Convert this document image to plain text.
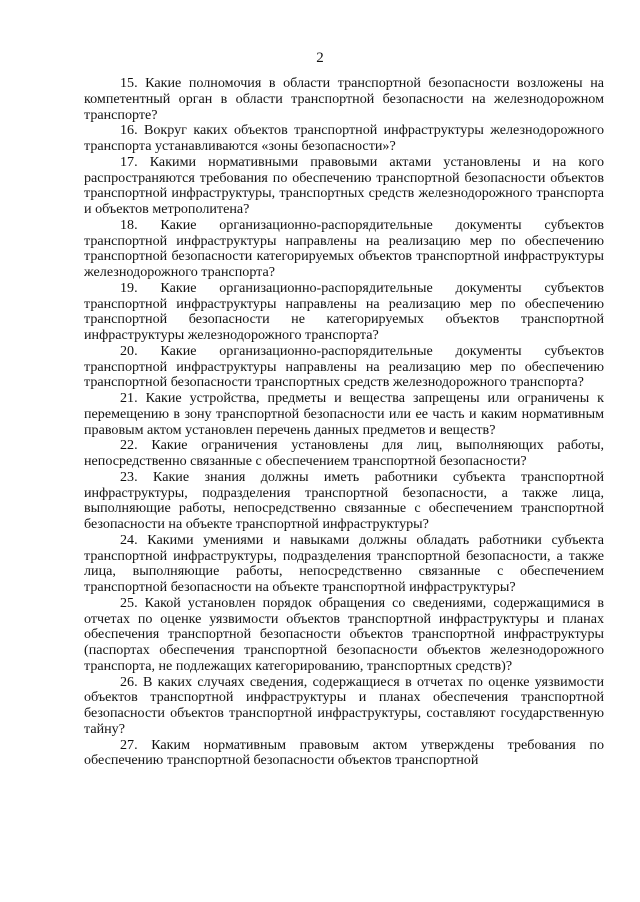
2

15. Какие полномочия в области транспортной безопасности возложены на компетентный орган в области транспортной безопасности на железнодорожном транспорте?

16. Вокруг каких объектов транспортной инфраструктуры железнодорожного транспорта устанавливаются «зоны безопасности»?

17. Какими нормативными правовыми актами установлены и на кого распространяются требования по обеспечению транспортной безопасности объектов транспортной инфраструктуры, транспортных средств железнодорожного транспорта и объектов метрополитена?

18. Какие организационно-распорядительные документы субъектов транспортной инфраструктуры направлены на реализацию мер по обеспечению транспортной безопасности категорируемых объектов транспортной инфраструктуры железнодорожного транспорта?

19. Какие организационно-распорядительные документы субъектов транспортной инфраструктуры направлены на реализацию мер по обеспечению транспортной безопасности не категорируемых объектов транспортной инфраструктуры железнодорожного транспорта?

20. Какие организационно-распорядительные документы субъектов транспортной инфраструктуры направлены на реализацию мер по обеспечению транспортной безопасности транспортных средств железнодорожного транспорта?

21. Какие устройства, предметы и вещества запрещены или ограничены к перемещению в зону транспортной безопасности или ее часть и каким нормативным правовым актом установлен перечень данных предметов и веществ?

22. Какие ограничения установлены для лиц, выполняющих работы, непосредственно связанные с обеспечением транспортной безопасности?

23. Какие знания должны иметь работники субъекта транспортной инфраструктуры, подразделения транспортной безопасности, а также лица, выполняющие работы, непосредственно связанные с обеспечением транспортной безопасности на объекте транспортной инфраструктуры?

24. Какими умениями и навыками должны обладать работники субъекта транспортной инфраструктуры, подразделения транспортной безопасности, а также лица, выполняющие работы, непосредственно связанные с обеспечением транспортной безопасности на объекте транспортной инфраструктуры?

25. Какой установлен порядок обращения со сведениями, содержащимися в отчетах по оценке уязвимости объектов транспортной инфраструктуры и планах обеспечения транспортной безопасности объектов транспортной инфраструктуры (паспортах обеспечения транспортной безопасности объектов железнодорожного транспорта, не подлежащих категорированию, транспортных средств)?

26. В каких случаях сведения, содержащиеся в отчетах по оценке уязвимости объектов транспортной инфраструктуры и планах обеспечения транспортной безопасности объектов транспортной инфраструктуры, составляют государственную тайну?

27. Каким нормативным правовым актом утверждены требования по обеспечению транспортной безопасности объектов транспортной
